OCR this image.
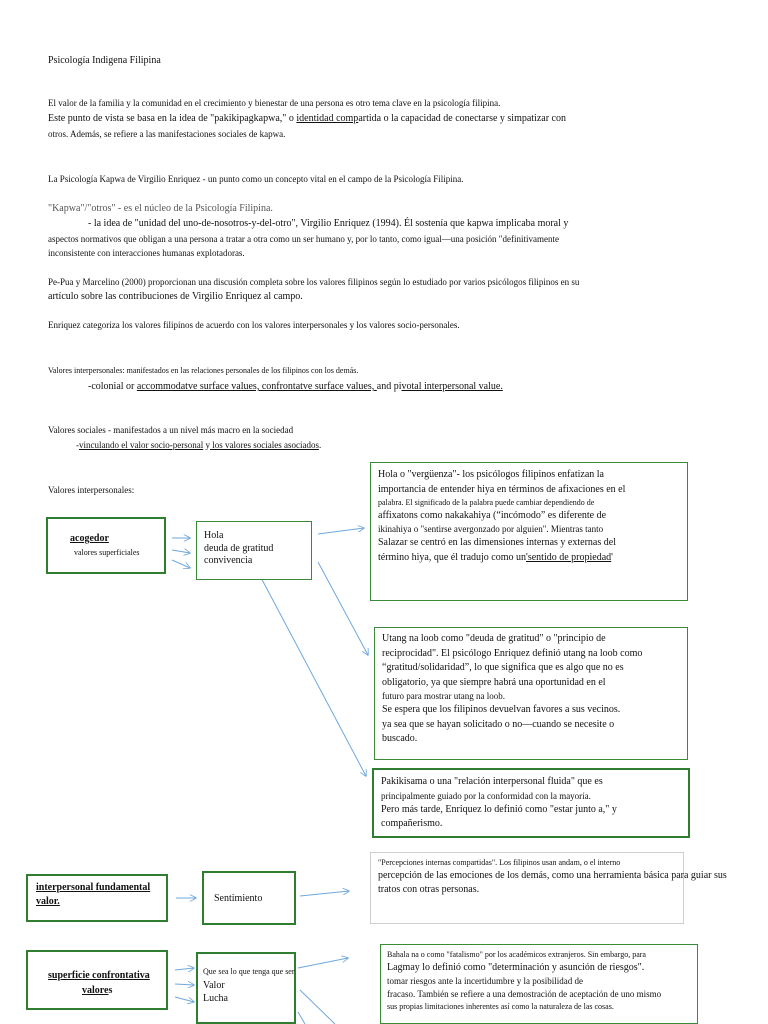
Psicología Indigena Filipina
El valor de la familia y la comunidad en el crecimiento y bienestar de una persona es otro tema clave en la psicología filipina.
Este punto de vista se basa en la idea de "pakikipagkapwa," o identidad compartida o la capacidad de conectarse y simpatizar con
otros. Además, se refiere a las manifestaciones sociales de kapwa.
La Psicología Kapwa de Virgilio Enriquez - un punto como un concepto vital en el campo de la Psicología Filipina.
"Kapwa"/"otros" - es el núcleo de la Psicología Filipina.
- la idea de "unidad del uno-de-nosotros-y-del-otro", Virgilio Enriquez (1994). Él sostenía que kapwa implicaba moral y
aspectos normativos que obligan a una persona a tratar a otra como un ser humano y, por lo tanto, como igual—una posición "definitivamente
inconsistente con interacciones humanas explotadoras.
Pe-Pua y Marcelino (2000) proporcionan una discusión completa sobre los valores filipinos según lo estudiado por varios psicólogos filipinos en su
artículo sobre las contribuciones de Virgilio Enriquez al campo.
Enriquez categoriza los valores filipinos de acuerdo con los valores interpersonales y los valores socio-personales.
Valores interpersonales: manifestados en las relaciones personales de los filipinos con los demás.
-colonial or accommodatve surface values, confrontatve surface values, and pivotal interpersonal value.
Valores sociales - manifestados a un nivel más macro en la sociedad
-vinculando el valor socio-personal y los valores sociales asociados.
Valores interpersonales:
acogedor
valores superficiales

Hola

deuda de gratitud

convivencia

Hola o "vergüenza"- los psicólogos filipinos enfatizan la

importancia de entender hiya en términos de afixaciones en el

palabra. El significado de la palabra puede cambiar dependiendo de

affixatons como nakakahiya (“incómodo” es diferente de

ikinahiya o "sentirse avergonzado por alguien". Mientras tanto

Salazar se centró en las dimensiones internas y externas del

término hiya, que él tradujo como un'sentido de propiedad'

Utang na loob como "deuda de gratitud" o "principio de

reciprocidad". El psicólogo Enriquez definió utang na loob como

“gratitud/solidaridad”, lo que significa que es algo que no es

obligatorio, ya que siempre habrá una oportunidad en el

futuro para mostrar utang na loob.

Se espera que los filipinos devuelvan favores a sus vecinos.

ya sea que se hayan solicitado o no—cuando se necesite o

buscado.

Pakikisama o una "relación interpersonal fluida" que es

principalmente guiado por la conformidad con la mayoría.

Pero más tarde, Enriquez lo definió como "estar junto a," y

compañerismo.

interpersonal fundamental
valor.	Sentimiento

"Percepciones internas compartidas". Los filipinos usan andam, o el interno

percepción de las emociones de los demás, como una herramienta básica para guiar sus

tratos con otras personas.

superficie confrontativa
valores

Que sea lo que tenga que ser

Valor

Lucha

Bahala na o como "fatalismo" por los académicos extranjeros. Sin embargo, para

Lagmay lo definió como "determinación y asunción de riesgos".

tomar riesgos ante la incertidumbre y la posibilidad de

fracaso. También se refiere a una demostración de aceptación de uno mismo

sus propias limitaciones inherentes así como la naturaleza de las cosas.
